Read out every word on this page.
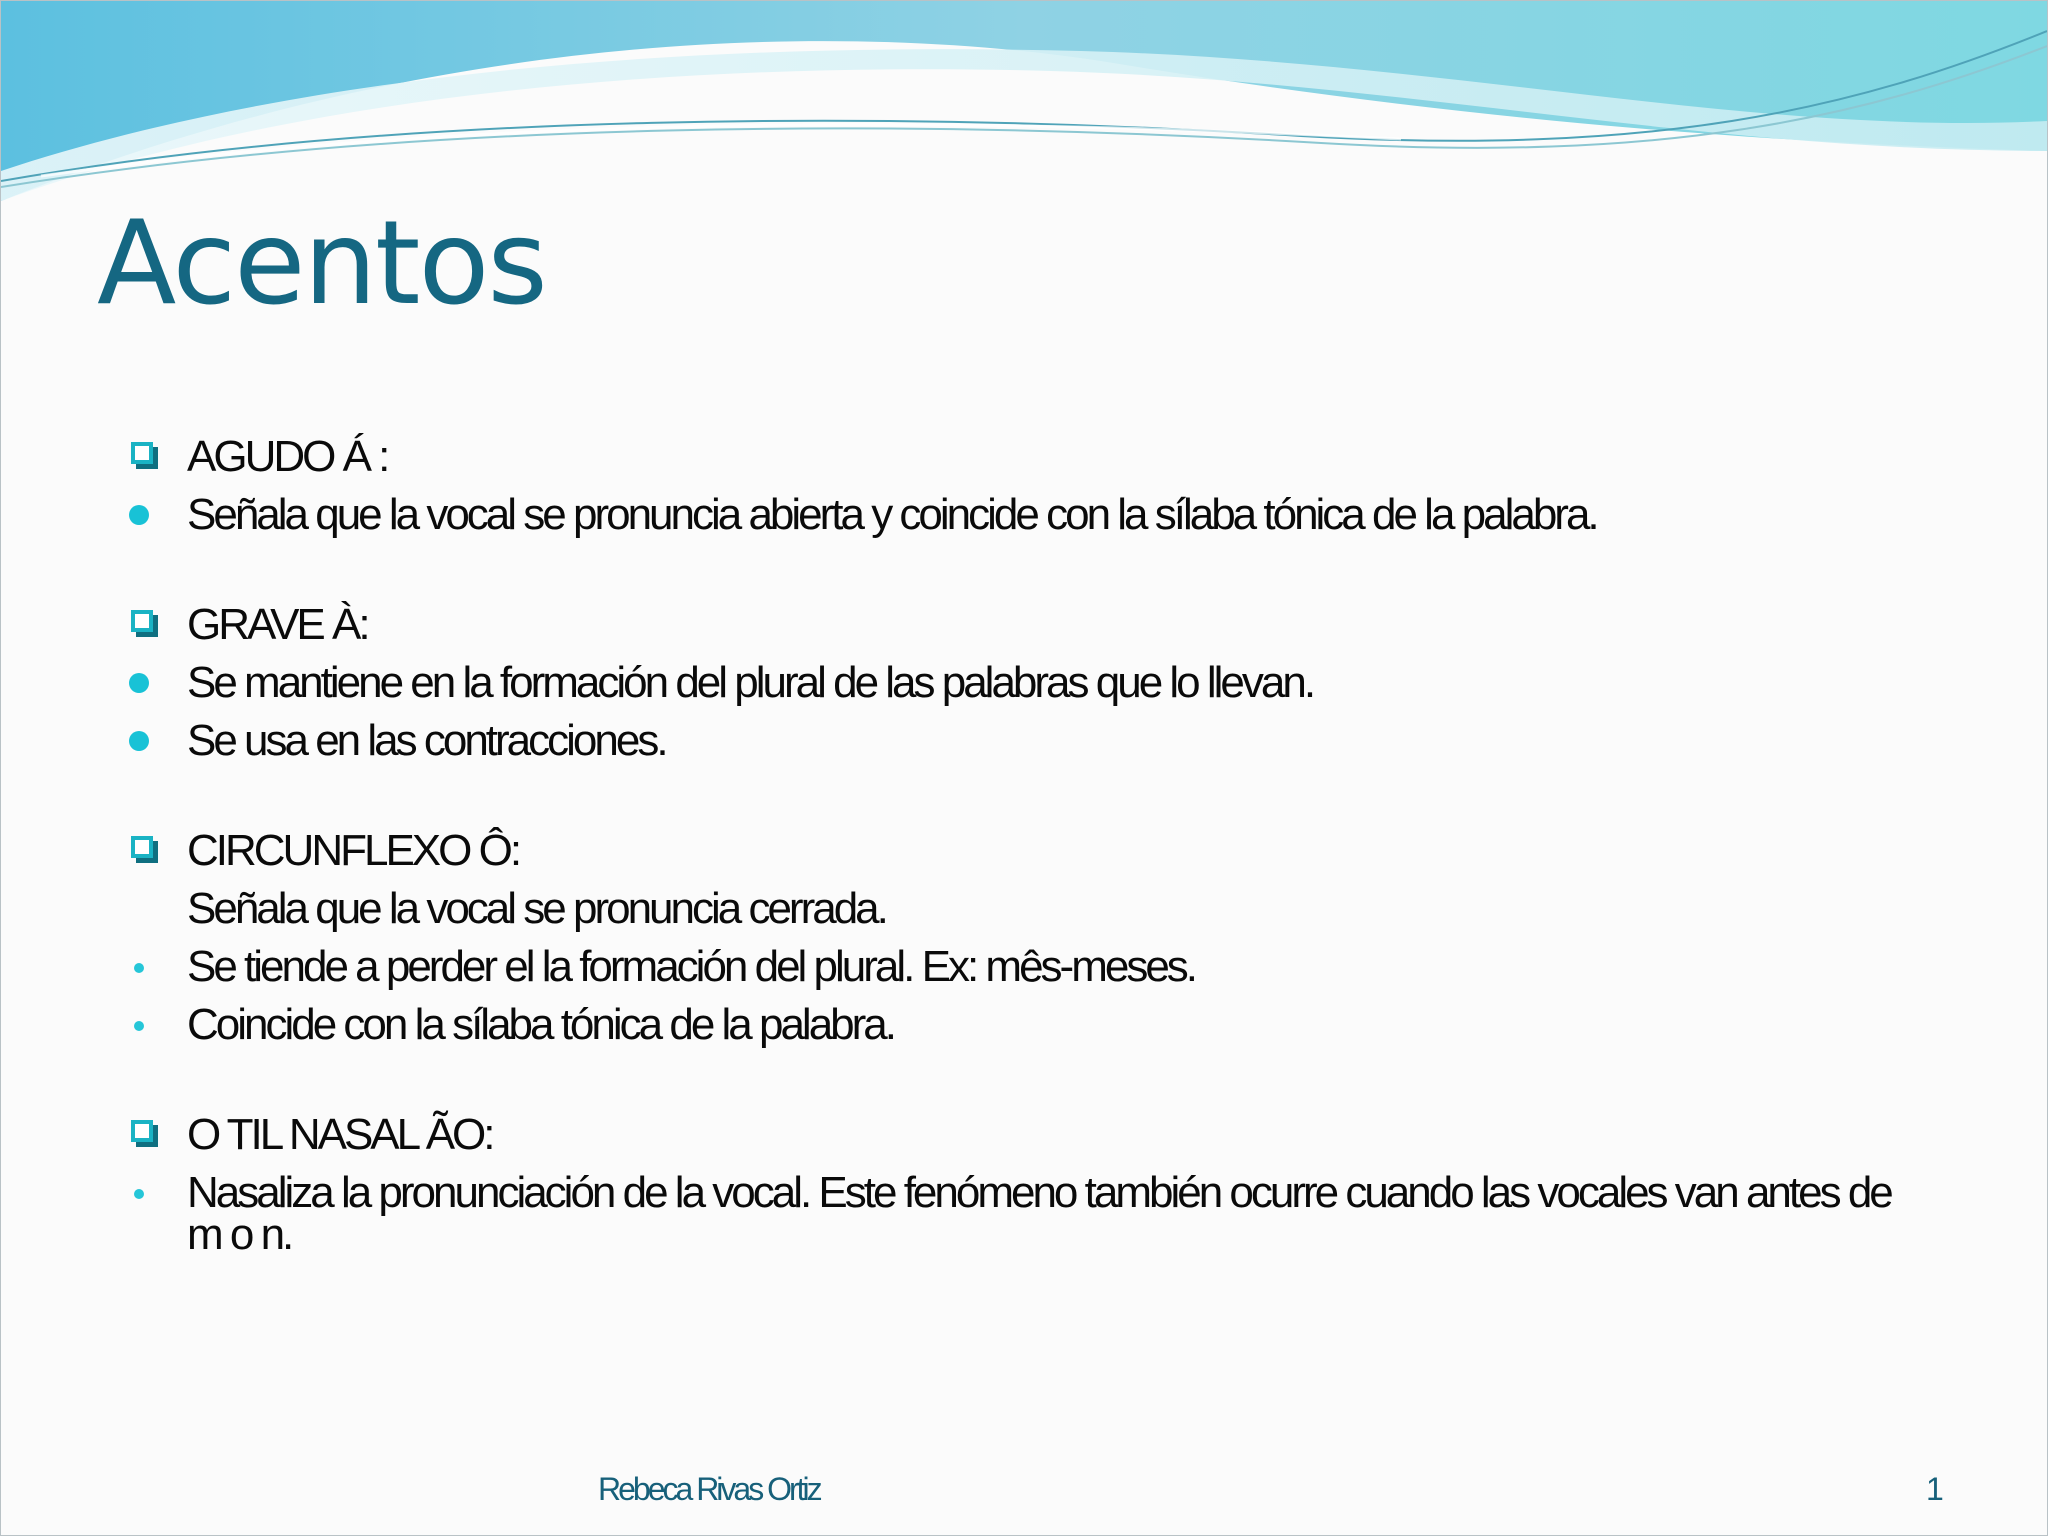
Acentos
AGUDO Á :
Señala que la vocal se pronuncia abierta y coincide con la sílaba tónica de la palabra.
GRAVE À:
Se mantiene en la formación del plural de las palabras que lo llevan.
Se usa en las contracciones.
CIRCUNFLEXO Ô:
Señala que la vocal se pronuncia cerrada.
Se tiende a perder el la formación del plural. Ex: mês-meses.
Coincide con la sílaba tónica de la palabra.
O TIL NASAL ÃO:
Nasaliza la pronunciación de la vocal. Este fenómeno también ocurre cuando las vocales van antes de m o n.
Rebeca Rivas Ortiz	1
